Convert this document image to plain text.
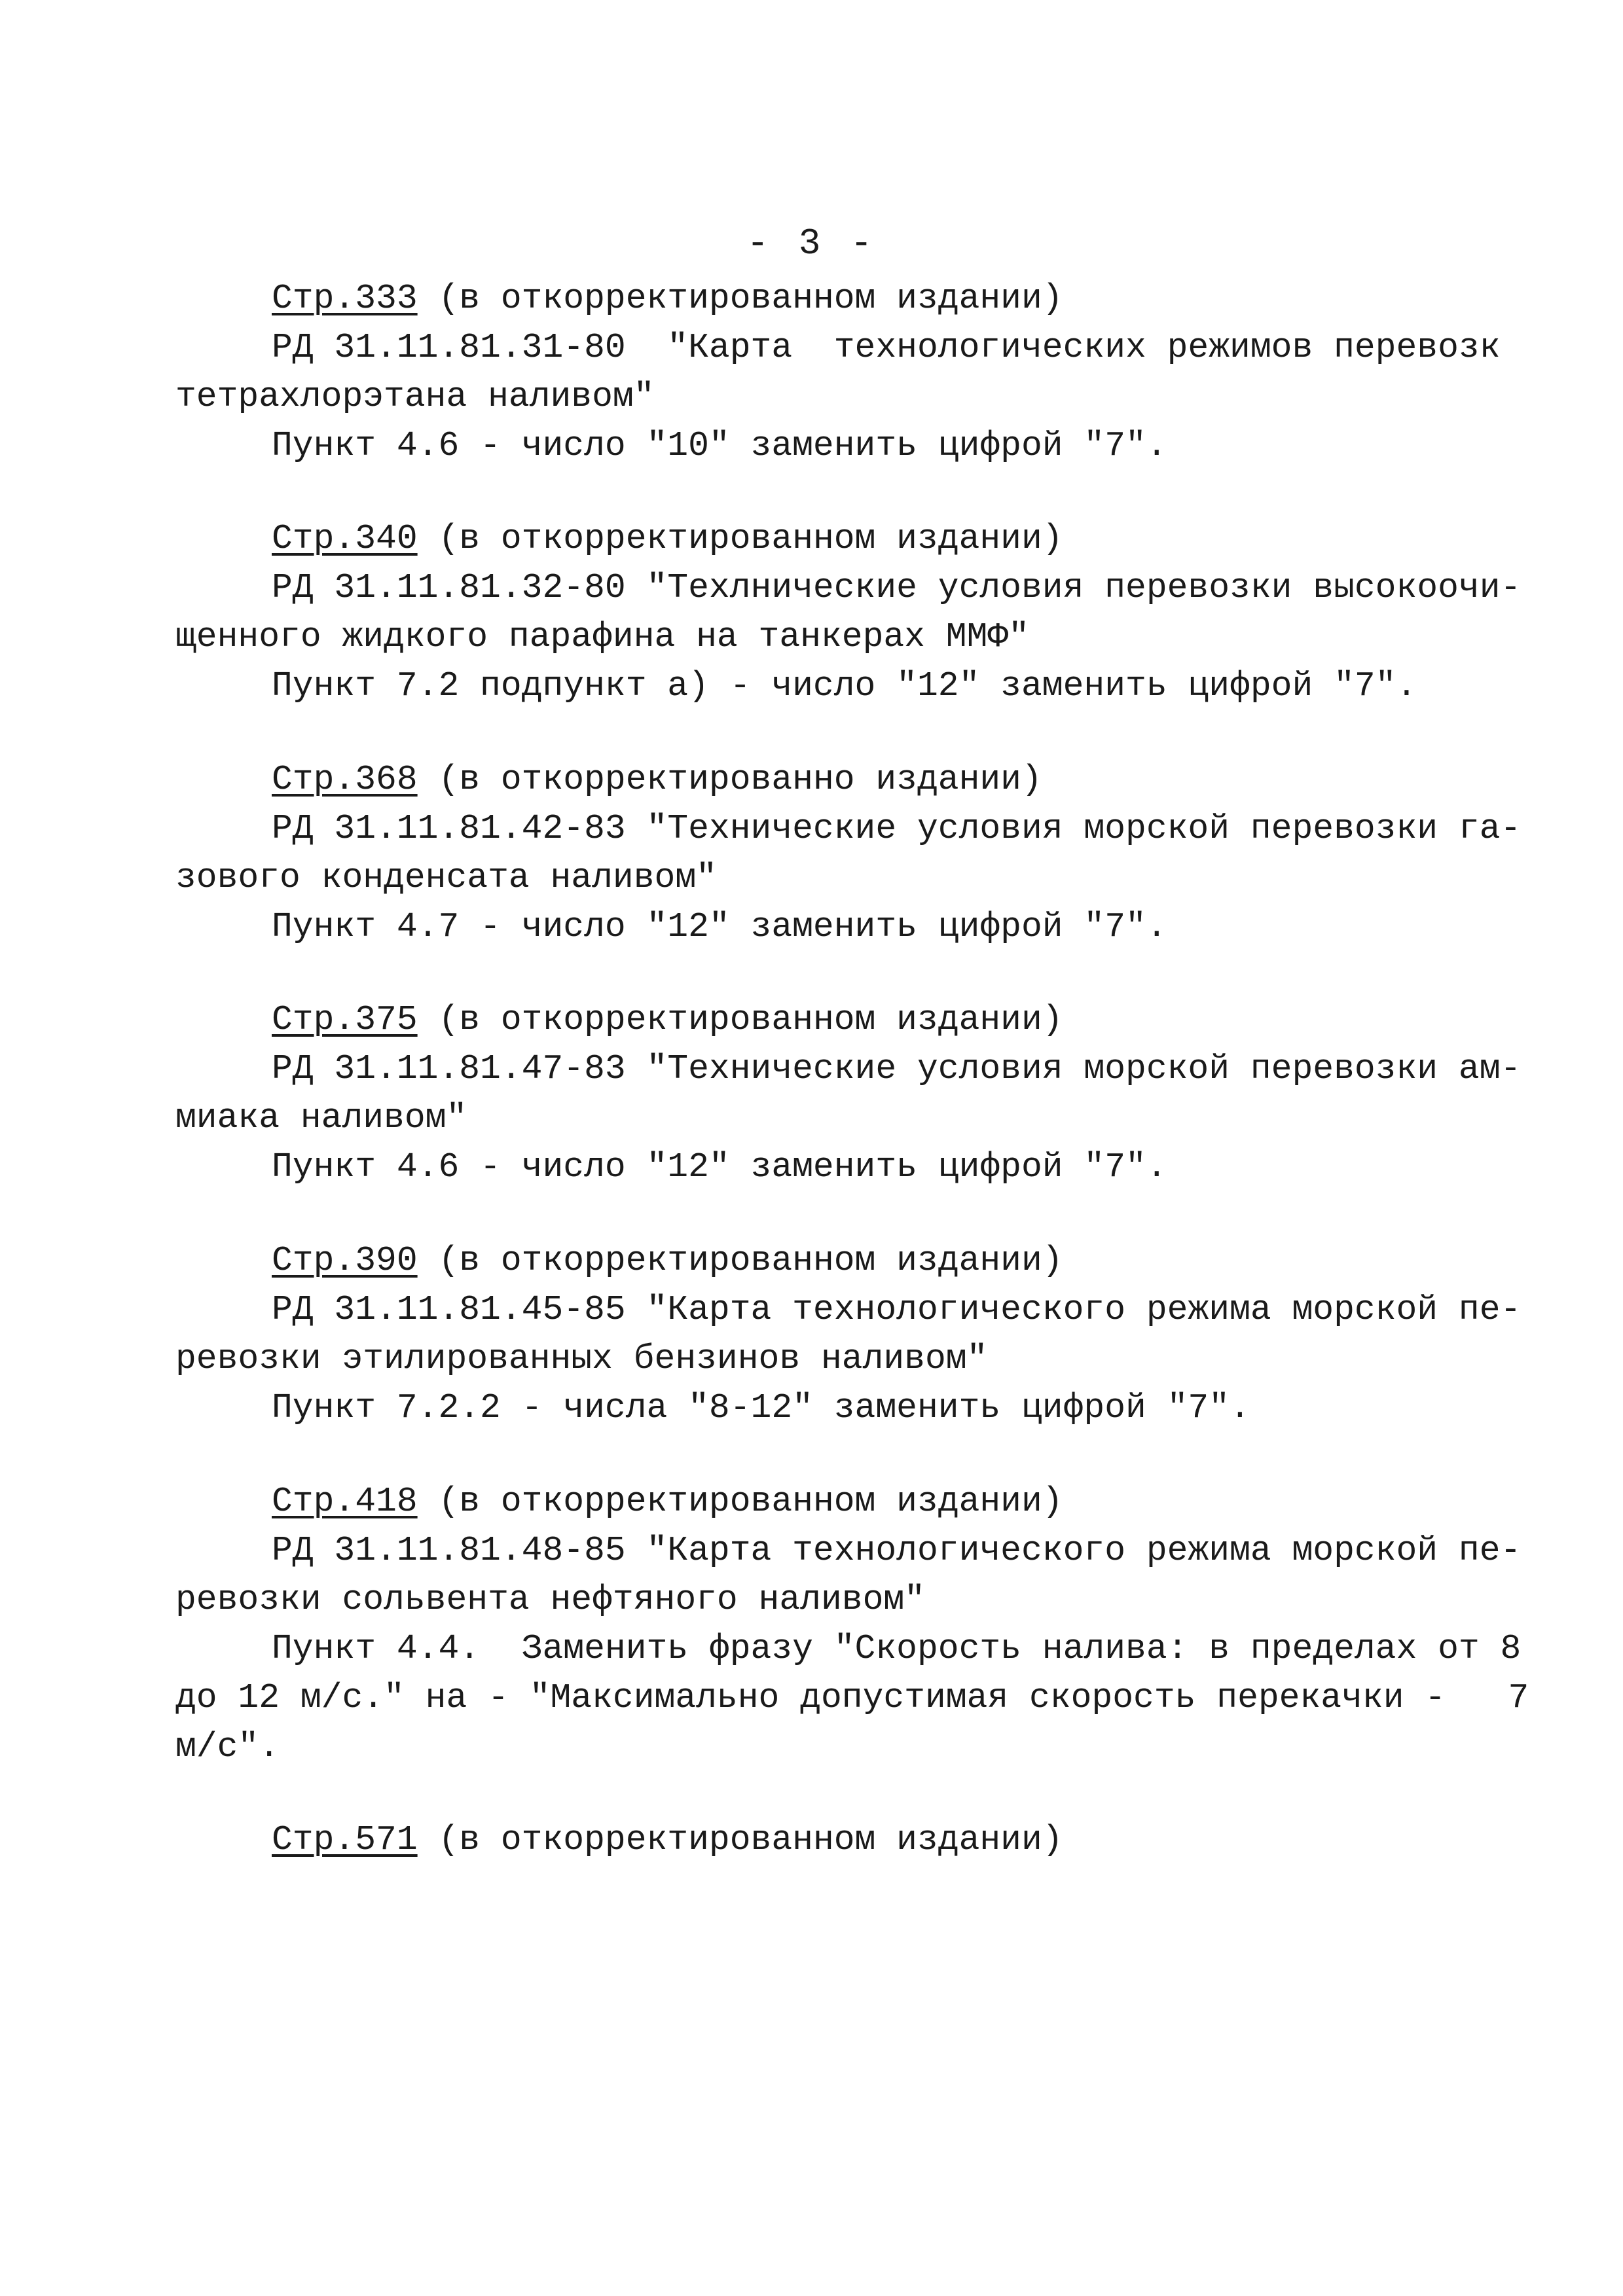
- 3 -
Стр.333 (в откорректированном издании)
РД 31.11.81.31-80  "Карта  технологических режимов перевозк
тетрахлорэтана наливом"
Пункт 4.6 - число "10" заменить цифрой "7".
Стр.340 (в откорректированном издании)
РД 31.11.81.32-80 "Техлнические условия перевозки высокоочи-
щенного жидкого парафина на танкерах ММФ"
Пункт 7.2 подпункт а) - число "12" заменить цифрой "7".
Стр.368 (в откорректированно издании)
РД 31.11.81.42-83 "Технические условия морской перевозки га-
зового конденсата наливом"
Пункт 4.7 - число "12" заменить цифрой "7".
Стр.375 (в откорректированном издании)
РД 31.11.81.47-83 "Технические условия морской перевозки ам-
миака наливом"
Пункт 4.6 - число "12" заменить цифрой "7".
Стр.390 (в откорректированном издании)
РД 31.11.81.45-85 "Карта технологического режима морской пе-
ревозки этилированных бензинов наливом"
Пункт 7.2.2 - числа "8-12" заменить цифрой "7".
Стр.418 (в откорректированном издании)
РД 31.11.81.48-85 "Карта технологического режима морской пе-
ревозки сольвента нефтяного наливом"
Пункт 4.4.  Заменить фразу "Скорость налива: в пределах от 8
до 12 м/с." на - "Максимально допустимая скорость перекачки -   7
м/с".
Стр.571 (в откорректированном издании)
